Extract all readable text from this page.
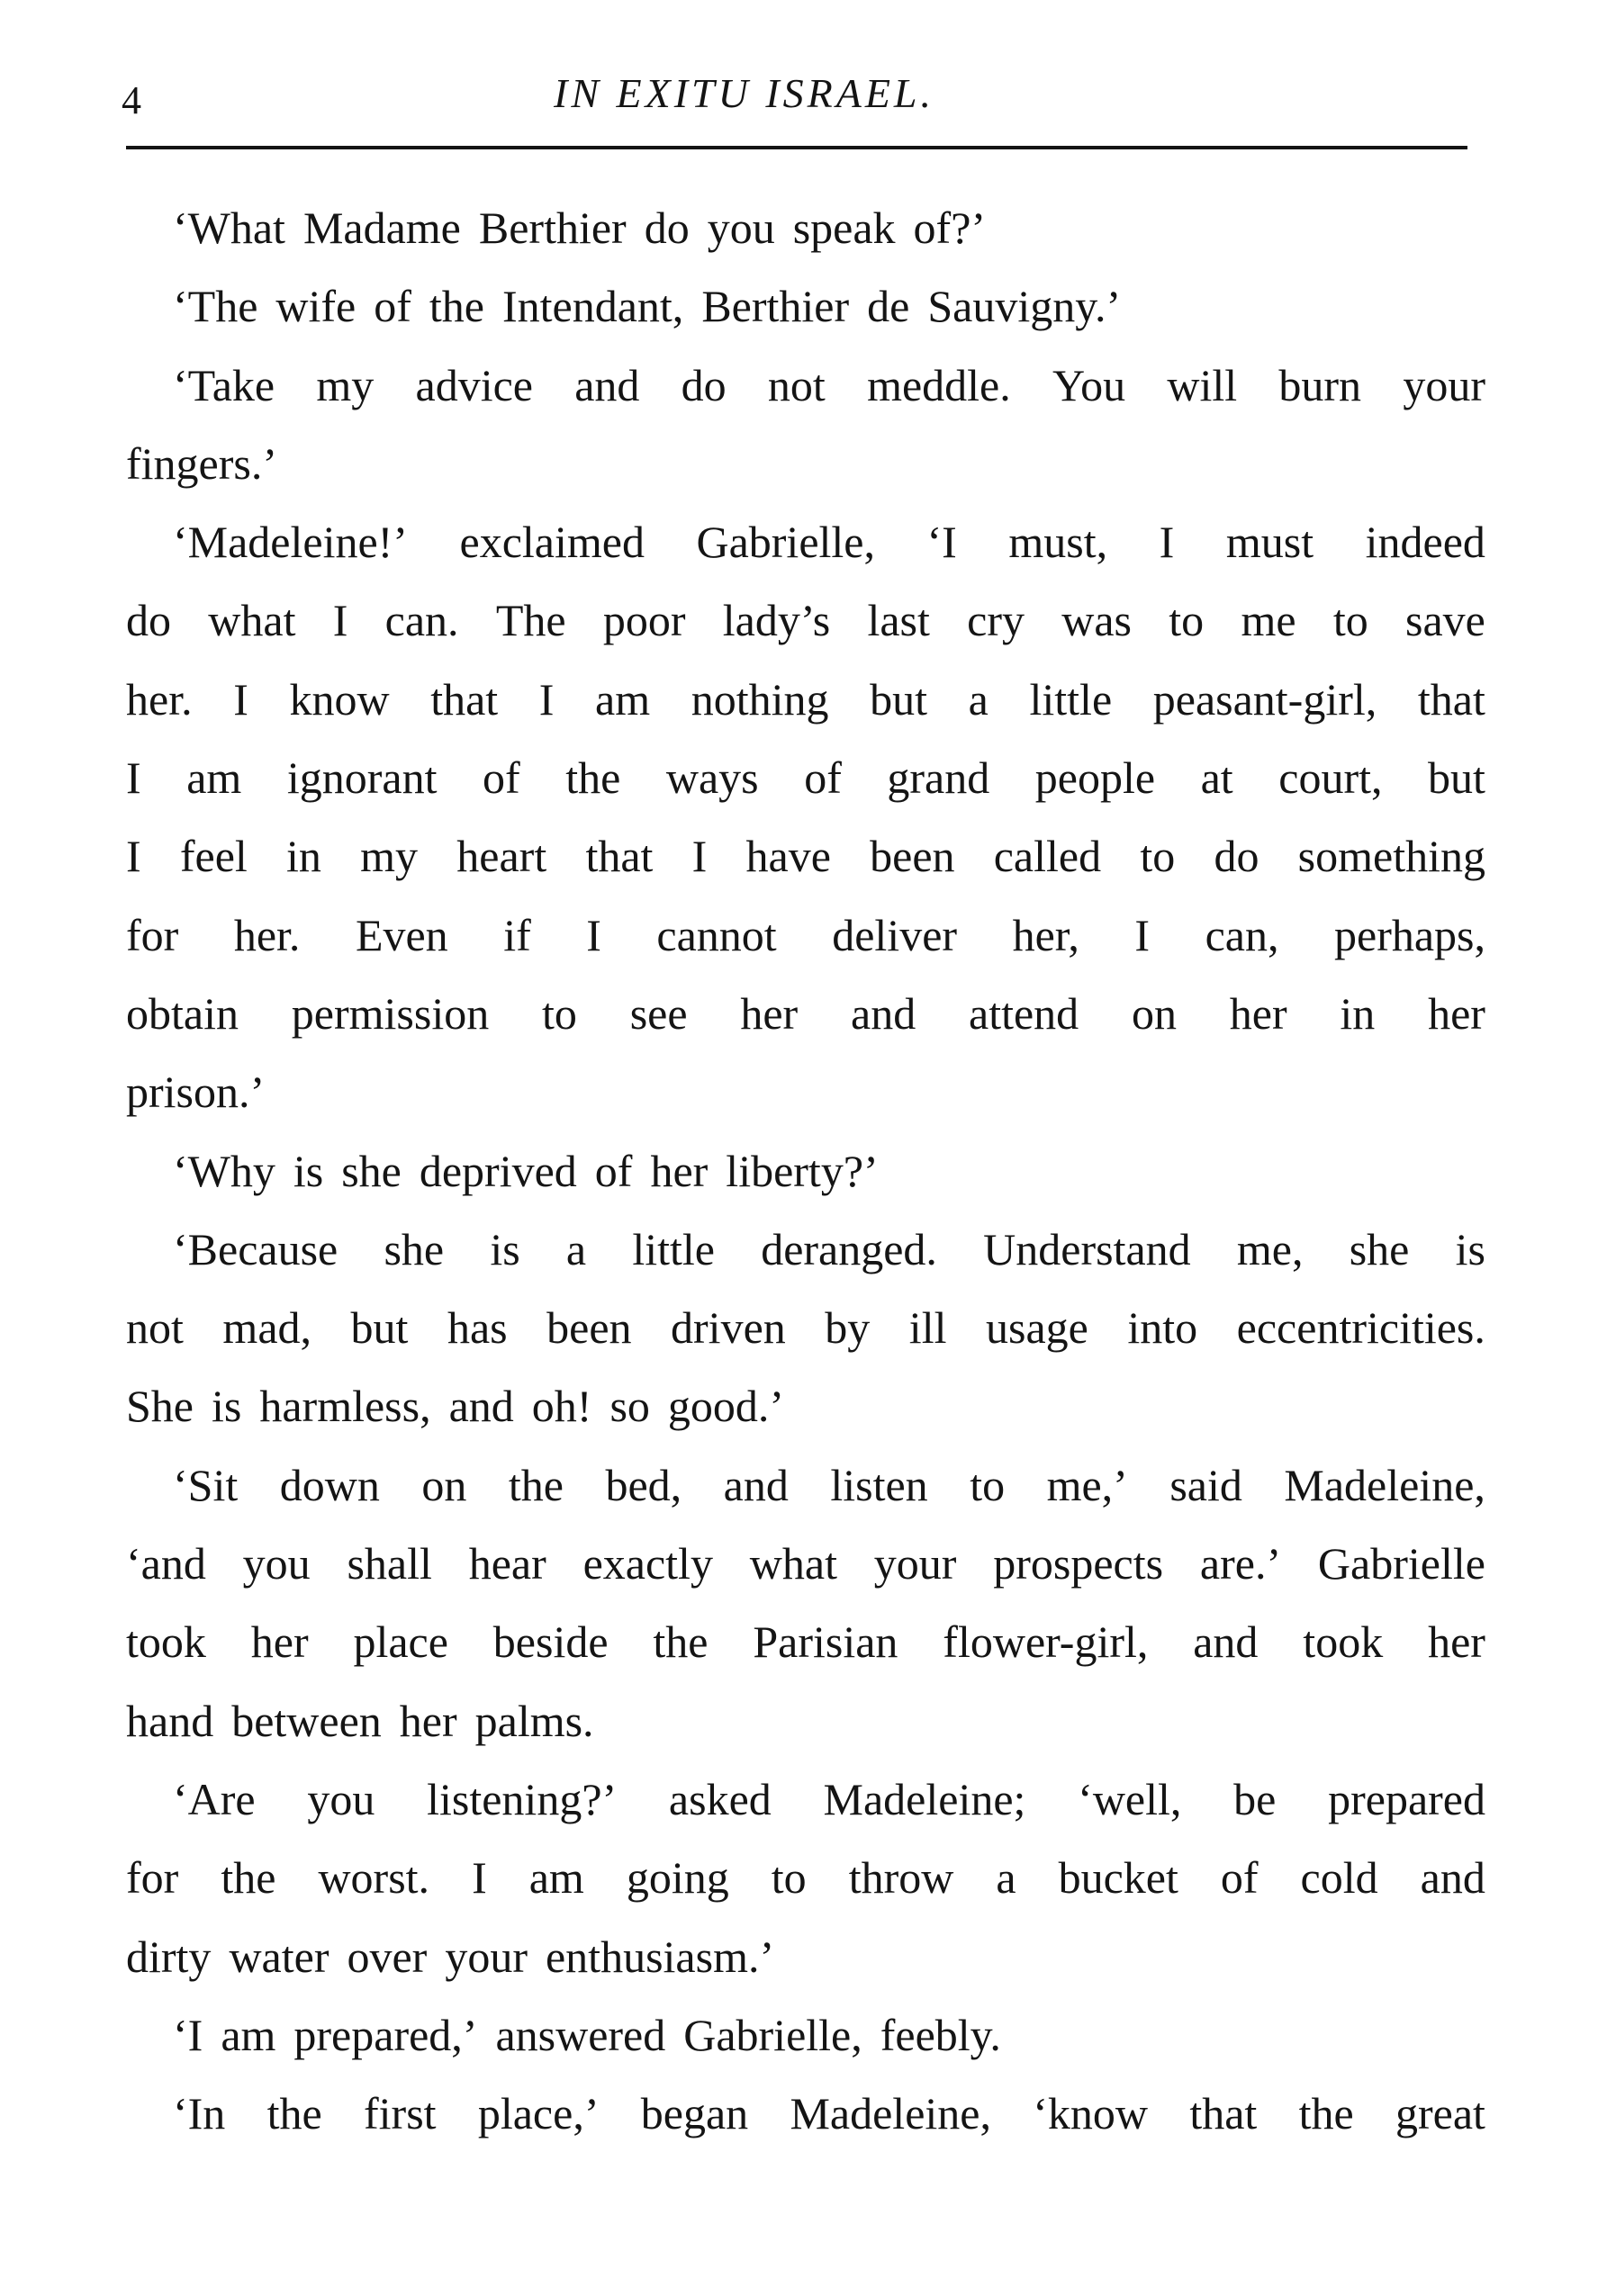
4	IN EXITU ISRAEL.
‘What Madame Berthier do you speak of?’
‘The wife of the Intendant, Berthier de Sauvigny.’
‘Take my advice and do not meddle. You will burn your
fingers.’
‘Madeleine!’ exclaimed Gabrielle, ‘I must, I must indeed
do what I can. The poor lady’s last cry was to me to save
her. I know that I am nothing but a little peasant-girl, that
I am ignorant of the ways of grand people at court, but
I feel in my heart that I have been called to do something
for her. Even if I cannot deliver her, I can, perhaps,
obtain permission to see her and attend on her in her
prison.’
‘Why is she deprived of her liberty?’
‘Because she is a little deranged. Understand me, she is
not mad, but has been driven by ill usage into eccentricities.
She is harmless, and oh! so good.’
‘Sit down on the bed, and listen to me,’ said Madeleine,
‘and you shall hear exactly what your prospects are.’ Gabrielle
took her place beside the Parisian flower-girl, and took her
hand between her palms.
‘Are you listening?’ asked Madeleine; ‘well, be prepared
for the worst. I am going to throw a bucket of cold and
dirty water over your enthusiasm.’
‘I am prepared,’ answered Gabrielle, feebly.
‘In the first place,’ began Madeleine, ‘know that the great
